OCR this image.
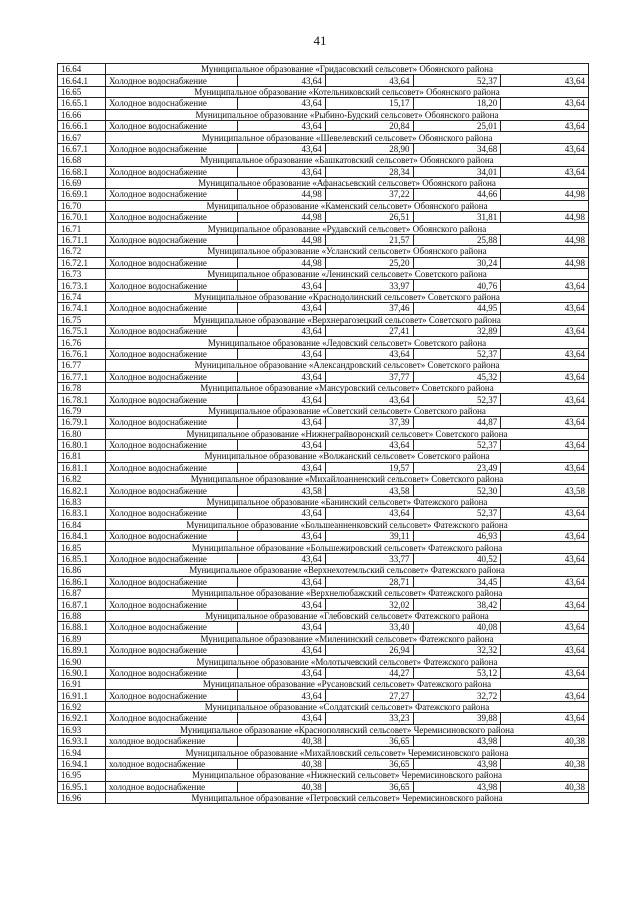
41
16.64	Муниципальное образование «Гридасовский сельсовет» Обоянского района				
16.64.1	Холодное водоснабжение	43,64	43,64	52,37	43,64
16.65	Муниципальное образование «Котельниковский сельсовет» Обоянского района				
16.65.1	Холодное водоснабжение	43,64	15,17	18,20	43,64
16.66	Муниципальное образование «Рыбино-Будский сельсовет» Обоянского района				
16.66.1	Холодное водоснабжение	43,64	20,84	25,01	43,64
16.67	Муниципальное образование «Шевелевский сельсовет» Обоянского района				
16.67.1	Холодное водоснабжение	43,64	28,90	34,68	43,64
16.68	Муниципальное образование «Башкатовский сельсовет» Обоянского района				
16.68.1	Холодное водоснабжение	43,64	28,34	34,01	43,64
16.69	Муниципальное образование «Афанасьевский сельсовет» Обоянского района				
16.69.1	Холодное водоснабжение	44,98	37,22	44,66	44,98
16.70	Муниципальное образование «Каменский сельсовет» Обоянского района				
16.70.1	Холодное водоснабжение	44,98	26,51	31,81	44,98
16.71	Муниципальное образование «Рудавский сельсовет» Обоянского района				
16.71.1	Холодное водоснабжение	44,98	21,57	25,88	44,98
16.72	Муниципальное образование «Усланский сельсовет» Обоянского района				
16.72.1	Холодное водоснабжение	44,98	25,20	30,24	44,98
16.73	Муниципальное образование «Ленинский сельсовет» Советского района				
16.73.1	Холодное водоснабжение	43,64	33,97	40,76	43,64
16.74	Муниципальное образование «Краснодолинский сельсовет» Советского района				
16.74.1	Холодное водоснабжение	43,64	37,46	44,95	43,64
16.75	Муниципальное образование «Верхнерагозецкий сельсовет» Советского района				
16.75.1	Холодное водоснабжение	43,64	27,41	32,89	43,64
16.76	Муниципальное образование «Ледовский сельсовет» Советского района				
16.76.1	Холодное водоснабжение	43,64	43,64	52,37	43,64
16.77	Муниципальное образование «Александровский сельсовет» Советского района				
16.77.1	Холодное водоснабжение	43,64	37,77	45,32	43,64
16.78	Муниципальное образование «Мансуровский сельсовет» Советского района				
16.78.1	Холодное водоснабжение	43,64	43,64	52,37	43,64
16.79	Муниципальное образование «Советский сельсовет» Советского района				
16.79.1	Холодное водоснабжение	43,64	37,39	44,87	43,64
16.80	Муниципальное образование «Нижнеграйворонский сельсовет» Советского района				
16.80.1	Холодное водоснабжение	43,64	43,64	52,37	43,64
16.81	Муниципальное образование «Волжанский сельсовет» Советского района				
16.81.1	Холодное водоснабжение	43,64	19,57	23,49	43,64
16.82	Муниципальное образование «Михайлоанненский сельсовет» Советского района				
16.82.1	Холодное водоснабжение	43,58	43,58	52,30	43,58
16.83	Муниципальное образование «Банинский сельсовет» Фатежского района				
16.83.1	Холодное водоснабжение	43,64	43,64	52,37	43,64
16.84	Муниципальное образование «Большеанненковский сельсовет» Фатежского района				
16.84.1	Холодное водоснабжение	43,64	39,11	46,93	43,64
16.85	Муниципальное образование «Большежировский сельсовет» Фатежского района				
16.85.1	Холодное водоснабжение	43,64	33,77	40,52	43,64
16.86	Муниципальное образование «Верхнехотемльский сельсовет» Фатежского района				
16.86.1	Холодное водоснабжение	43,64	28,71	34,45	43,64
16.87	Муниципальное образование «Верхнелюбажский сельсовет» Фатежского района				
16.87.1	Холодное водоснабжение	43,64	32,02	38,42	43,64
16.88	Муниципальное образование «Глебовский сельсовет» Фатежского района				
16.88.1	Холодное водоснабжение	43,64	33,40	40,08	43,64
16.89	Муниципальное образование «Миленинский сельсовет» Фатежского района				
16.89.1	Холодное водоснабжение	43,64	26,94	32,32	43,64
16.90	Муниципальное образование «Молотычевский сельсовет» Фатежского района				
16.90.1	Холодное водоснабжение	43,64	44,27	53,12	43,64
16.91	Муниципальное образование «Русановский сельсовет» Фатежского района				
16.91.1	Холодное водоснабжение	43,64	27,27	32,72	43,64
16.92	Муниципальное образование «Солдатский сельсовет» Фатежского района				
16.92.1	Холодное водоснабжение	43,64	33,23	39,88	43,64
16.93	Муниципальное образование «Краснополянский сельсовет» Черемисиновского района				
16.93.1	холодное водоснабжение	40,38	36,65	43,98	40,38
16.94	Муниципальное образование «Михайловский сельсовет» Черемисиновского района				
16.94.1	холодное водоснабжение	40,38	36,65	43,98	40,38
16.95	Муниципальное образование «Нижнеский сельсовет» Черемисиновского района				
16.95.1	холодное водоснабжение	40,38	36,65	43,98	40,38
16.96	Муниципальное образование «Петровский сельсовет» Черемисиновского района				
